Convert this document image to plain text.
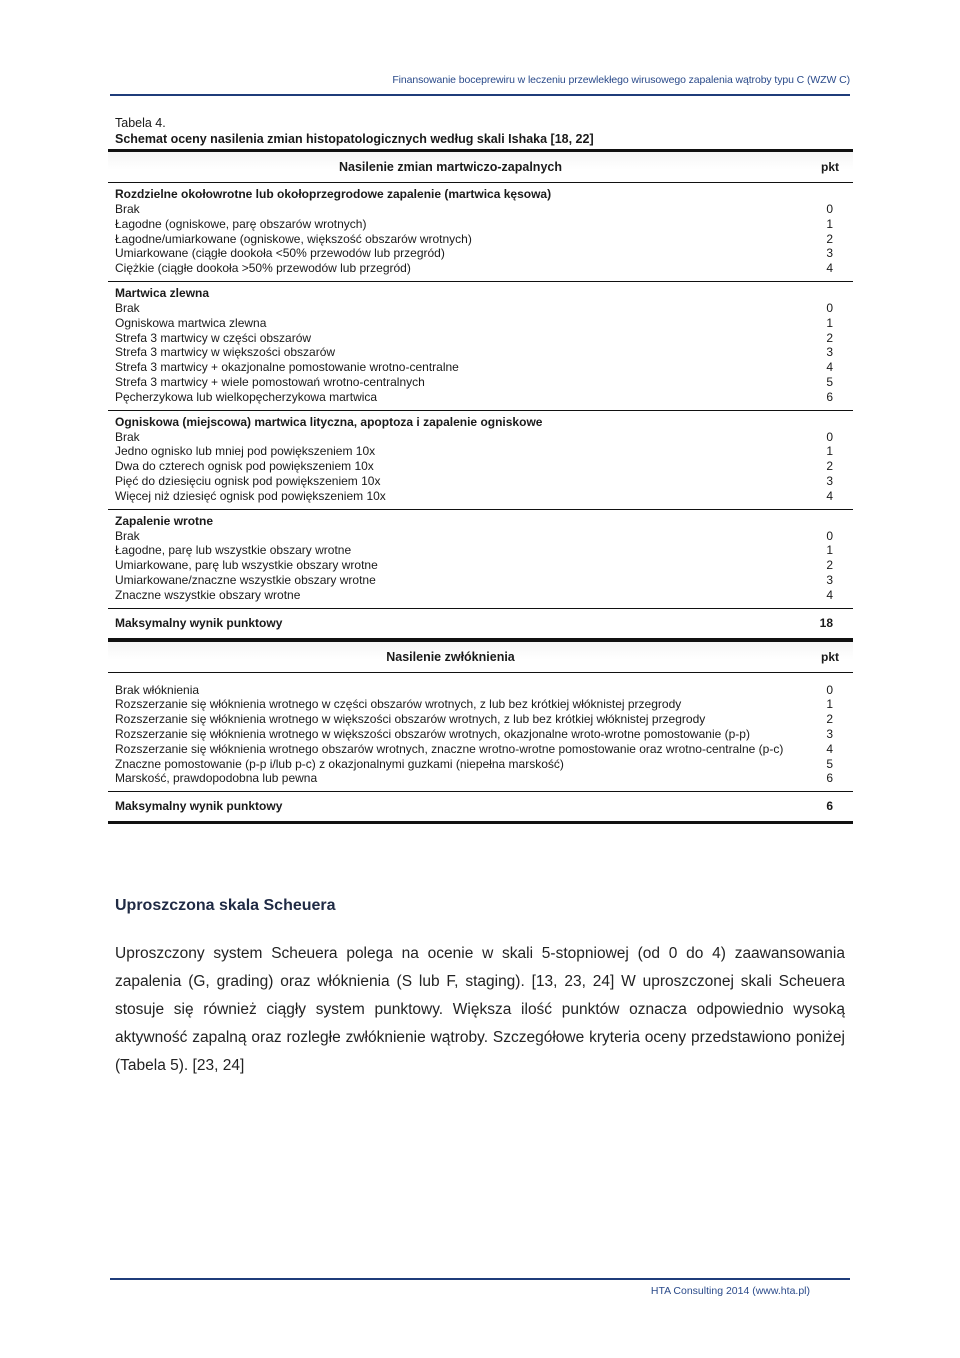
Finansowanie boceprewiru w leczeniu przewlekłego wirusowego zapalenia wątroby typu C (WZW C)
Tabela 4.
Schemat oceny nasilenia zmian histopatologicznych według skali Ishaka [18, 22]
Nasilenie zmian martwiczo-zapalnych	pkt
Rozdzielne okołowrotne lub okołoprzegrodowe zapalenie (martwica kęsowa)
Brak	0
Łagodne (ogniskowe, parę obszarów wrotnych)	1
Łagodne/umiarkowane (ogniskowe, większość obszarów wrotnych)	2
Umiarkowane (ciągłe dookoła <50% przewodów lub przegród)	3
Ciężkie (ciągłe dookoła >50% przewodów lub przegród)	4
Martwica zlewna
Brak	0
Ogniskowa martwica zlewna	1
Strefa 3 martwicy w części obszarów	2
Strefa 3 martwicy w większości obszarów	3
Strefa 3 martwicy + okazjonalne pomostowanie wrotno-centralne	4
Strefa 3 martwicy + wiele pomostowań wrotno-centralnych	5
Pęcherzykowa lub wielkopęcherzykowa martwica	6
Ogniskowa (miejscowa) martwica lityczna, apoptoza i zapalenie ogniskowe
Brak	0
Jedno ognisko lub mniej pod powiększeniem 10x	1
Dwa do czterech ognisk pod powiększeniem 10x	2
Pięć do dziesięciu ognisk pod powiększeniem 10x	3
Więcej niż dziesięć ognisk pod powiększeniem 10x	4
Zapalenie wrotne
Brak	0
Łagodne, parę lub wszystkie obszary wrotne	1
Umiarkowane, parę lub wszystkie obszary wrotne	2
Umiarkowane/znaczne wszystkie obszary wrotne	3
Znaczne wszystkie obszary wrotne	4
Maksymalny wynik punktowy	18
Nasilenie zwłóknienia	pkt
Brak włóknienia	0
Rozszerzanie się włóknienia wrotnego w części obszarów wrotnych, z lub bez krótkiej włóknistej przegrody	1
Rozszerzanie się włóknienia wrotnego w większości obszarów wrotnych, z lub bez krótkiej włóknistej przegrody	2
Rozszerzanie się włóknienia wrotnego w większości obszarów wrotnych, okazjonalne wroto-wrotne pomostowanie (p-p)	3
Rozszerzanie się włóknienia wrotnego obszarów wrotnych, znaczne wrotno-wrotne pomostowanie oraz wrotno-centralne (p-c)	4
Znaczne pomostowanie (p-p i/lub p-c) z okazjonalnymi guzkami (niepełna marskość)	5
Marskość, prawdopodobna lub pewna	6
Maksymalny wynik punktowy	6
Uproszczona skala Scheuera
Uproszczony system Scheuera polega na ocenie w skali 5-stopniowej (od 0 do 4) zaawansowania zapalenia (G, grading) oraz włóknienia (S lub F, staging). [13, 23, 24] W uproszczonej skali Scheuera stosuje się również ciągły system punktowy. Większa ilość punktów oznacza odpowiednio wysoką aktywność zapalną oraz rozległe zwłóknienie wątroby. Szczegółowe kryteria oceny przedstawiono poniżej (Tabela 5). [23, 24]
HTA Consulting 2014 (www.hta.pl)
